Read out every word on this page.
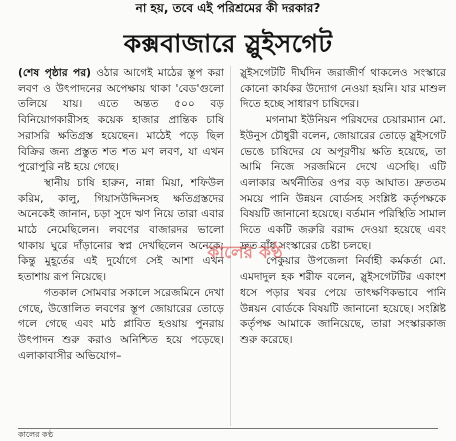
না হয়, তবে এই পরিশ্রমের কী দরকার?
কক্সবাজারে স্লুইসগেট

(শেষ পৃষ্ঠার পর) ওঠার আগেই মাঠের স্তূপ করা লবণ ও উৎপাদনের অপেক্ষায় থাকা 'বেড'গুলো তলিয়ে যায়। এতে অন্তত ৫০০ বড় বিনিয়োগকারীসহ কয়েক হাজার প্রান্তিক চাষি সরাসরি ক্ষতিগ্রস্ত হয়েছেন। মাঠেই পড়ে ছিল বিক্রির জন্য প্রস্তুত শত শত মণ লবণ, যা এখন পুরোপুরি নষ্ট হয়ে গেছে।

স্থানীয় চাষি হারুন, নান্না মিয়া, শফিউল করিম, কালু, গিয়াসউদ্দিনসহ ক্ষতিগ্রস্তদের অনেকেই জানান, চড়া সুদে ঋণ নিয়ে তারা এবার মাঠে নেমেছিলেন। লবণের বাজারদর ভালো থাকায় ঘুরে দাঁড়ানোর স্বপ্ন দেখছিলেন অনেকে; কিন্তু মুহূর্তের এই দুর্যোগে সেই আশা এখন হতাশায় রূপ নিয়েছে।

গতকাল সোমবার সকালে সরেজমিনে দেখা গেছে, উত্তোলিত লবণের স্তূপ জোয়ারের তোড়ে গলে গেছে এবং মাঠ প্লাবিত হওয়ায় পুনরায় উৎপাদন শুরু করাও অনিশ্চিত হয়ে পড়েছে। এলাকাবাসীর অভিযোগ–

স্লুইসগেটটি দীর্ঘদিন জরাজীর্ণ থাকলেও সংস্কারে কোনো কার্যকর উদ্যোগ নেওয়া হয়নি। যার মাশুল দিতে হচ্ছে সাধারণ চাষিদের।

মগনামা ইউনিয়ন পরিষদের চেয়ারম্যান মো. ইউনুস চৌধুরী বলেন, জোয়ারের তোড়ে স্লুইসগেট ভেঙে চাষিদের যে অপূরণীয় ক্ষতি হয়েছে, তা আমি নিজে সরজমিনে দেখে এসেছি। এটি এলাকার অর্থনীতির ওপর বড় আঘাত। দ্রুততম সময়ে পানি উন্নয়ন বোর্ডসহ সংশ্লিষ্ট কর্তৃপক্ষকে বিষয়টি জানানো হয়েছে। বর্তমান পরিস্থিতি সামাল দিতে একটি জরুরি বরাদ্দ দেওয়া হয়েছে এবং দ্রুত বাঁধ সংস্কারের চেষ্টা চলছে।

পেকুয়ার উপজেলা নির্বাহী কর্মকর্তা মো. এমদাদুল হক শরীফ বলেন, স্লুইসগেটটির একাংশ ধসে পড়ার খবর পেয়ে তাৎক্ষণিকভাবে পানি উন্নয়ন বোর্ডকে বিষয়টি জানানো হয়েছে। সংশ্লিষ্ট কর্তৃপক্ষ আমাকে জানিয়েছে, তারা সংস্কারকাজ শুরু করেছে।

কালের কণ্ঠ
কালের কণ্ঠ
